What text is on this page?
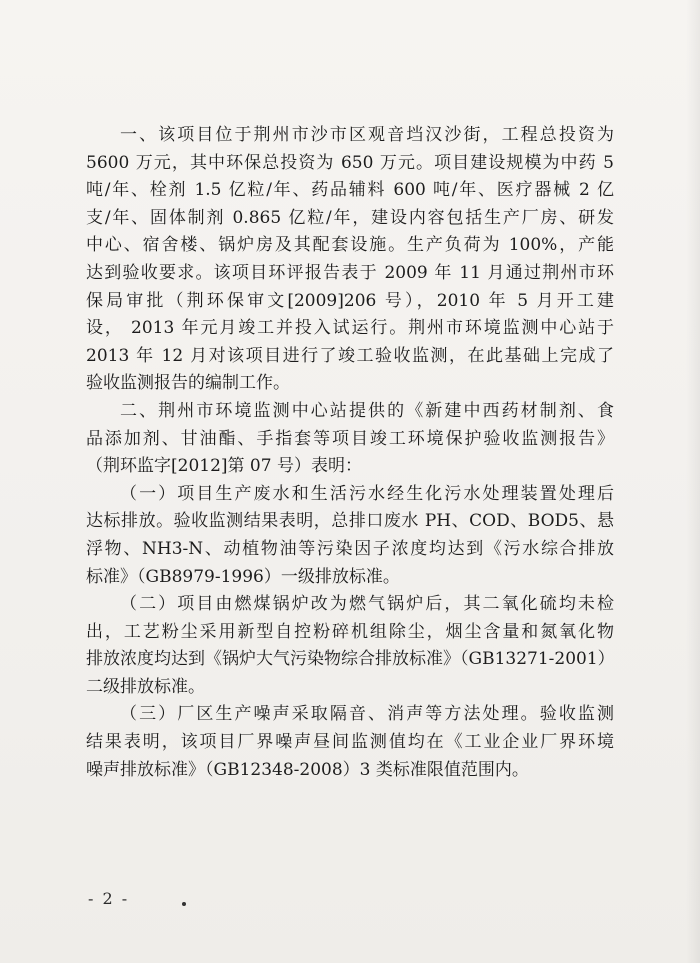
一、该项目位于荆州市沙市区观音垱汉沙街，工程总投资为
5600 万元，其中环保总投资为 650 万元。项目建设规模为中药 5
吨/年、栓剂 1.5 亿粒/年、药品辅料 600 吨/年、医疗器械 2 亿
支/年、固体制剂 0.865 亿粒/年，建设内容包括生产厂房、研发
中心、宿舍楼、锅炉房及其配套设施。生产负荷为 100%，产能
达到验收要求。该项目环评报告表于 2009 年 11 月通过荆州市环
保局审批（荆环保审文[2009]206 号），2010 年 5 月开工建
设， 2013 年元月竣工并投入试运行。荆州市环境监测中心站于
2013 年 12 月对该项目进行了竣工验收监测，在此基础上完成了
验收监测报告的编制工作。
二、荆州市环境监测中心站提供的《新建中西药材制剂、食
品添加剂、甘油酯、手指套等项目竣工环境保护验收监测报告》
（荆环监字[2012]第 07 号）表明：
（一）项目生产废水和生活污水经生化污水处理装置处理后
达标排放。验收监测结果表明，总排口废水 PH、COD、BOD5、悬
浮物、NH3-N、动植物油等污染因子浓度均达到《污水综合排放
标准》（GB8979-1996）一级排放标准。
（二）项目由燃煤锅炉改为燃气锅炉后，其二氧化硫均未检
出，工艺粉尘采用新型自控粉碎机组除尘，烟尘含量和氮氧化物
排放浓度均达到《锅炉大气污染物综合排放标准》（GB13271-2001）
二级排放标准。
（三）厂区生产噪声采取隔音、消声等方法处理。验收监测
结果表明，该项目厂界噪声昼间监测值均在《工业企业厂界环境
噪声排放标准》（GB12348-2008）3 类标准限值范围内。
- 2 -
